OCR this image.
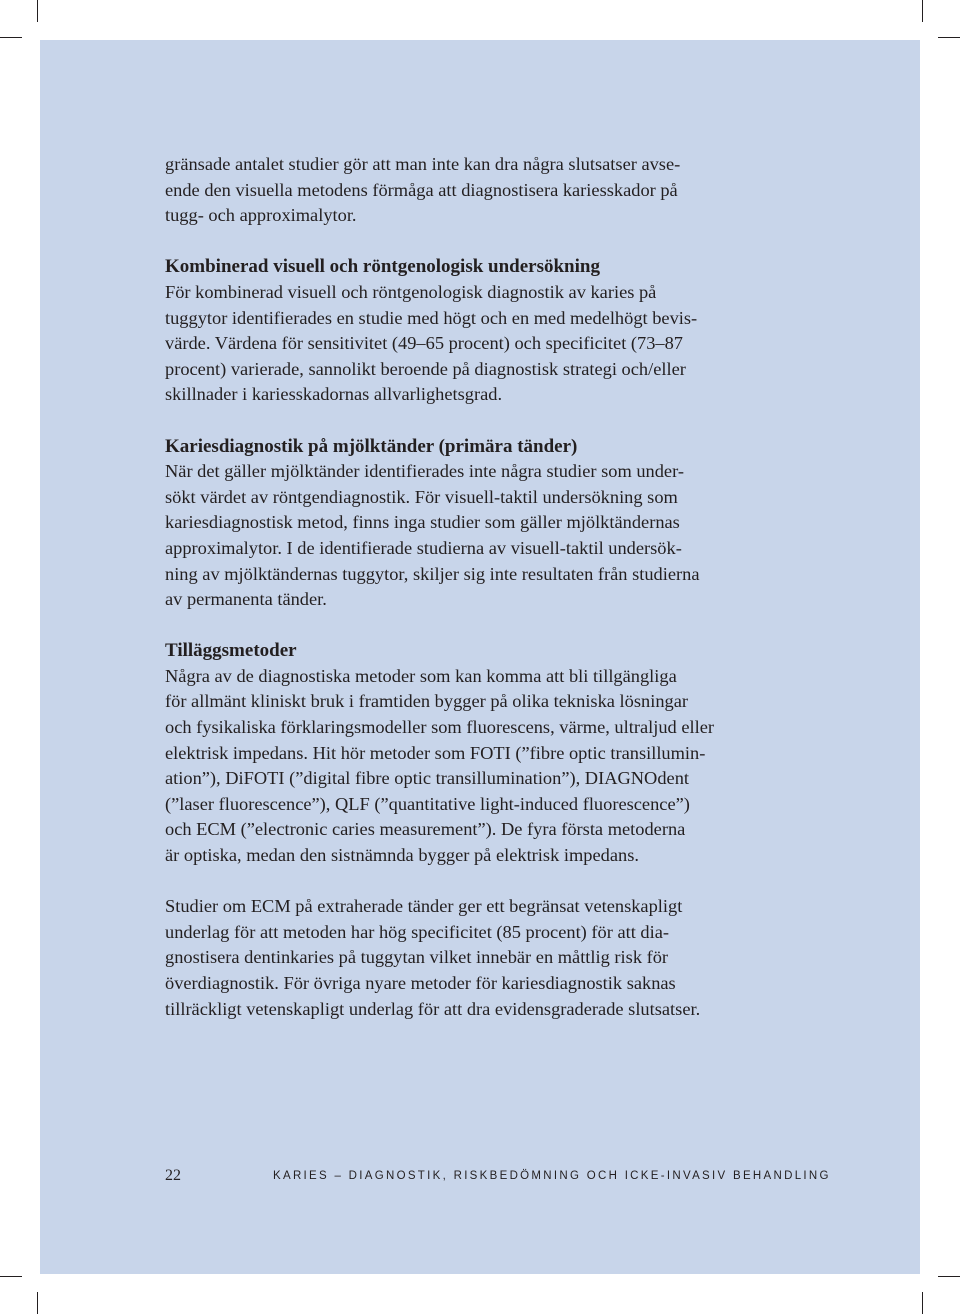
gränsade antalet studier gör att man inte kan dra några slutsatser avse-

ende den visuella metodens förmåga att diagnostisera kariesskador på

tugg- och approximalytor.

Kombinerad visuell och röntgenologisk undersökning

För kombinerad visuell och röntgenologisk diagnostik av karies på

tuggytor identifierades en studie med högt och en med medelhögt bevis-

värde. Värdena för sensitivitet (49–65 procent) och specificitet (73–87

procent) varierade, sannolikt beroende på diagnostisk strategi och/eller

skillnader i kariesskadornas allvarlighetsgrad.

Kariesdiagnostik på mjölktänder (primära tänder)

När det gäller mjölktänder identifierades inte några studier som under-

sökt värdet av röntgendiagnostik. För visuell-taktil undersökning som

kariesdiagnostisk metod, finns inga studier som gäller mjölktändernas

approximalytor. I de identifierade studierna av visuell-taktil undersök-

ning av mjölktändernas tuggytor, skiljer sig inte resultaten från studierna

av permanenta tänder.

Tilläggsmetoder

Några av de diagnostiska metoder som kan komma att bli tillgängliga

för allmänt kliniskt bruk i framtiden bygger på olika tekniska lösningar

och fysikaliska förklaringsmodeller som fluorescens, värme, ultraljud eller

elektrisk impedans. Hit hör metoder som FOTI (”fibre optic transillumin-

ation”), DiFOTI (”digital fibre optic transillumination”), DIAGNOdent

(”laser fluorescence”), QLF (”quantitative light-induced fluorescence”)

och ECM (”electronic caries measurement”). De fyra första metoderna

är optiska, medan den sistnämnda bygger på elektrisk impedans.

Studier om ECM på extraherade tänder ger ett begränsat vetenskapligt

underlag för att metoden har hög specificitet (85 procent) för att dia-

gnostisera dentinkaries på tuggytan vilket innebär en måttlig risk för

överdiagnostik. För övriga nyare metoder för kariesdiagnostik saknas

tillräckligt vetenskapligt underlag för att dra evidensgraderade slutsatser.

22	KARIES – DIAGNOSTIK, RISKBEDÖMNING OCH ICKE-INVASIV BEHANDLING
